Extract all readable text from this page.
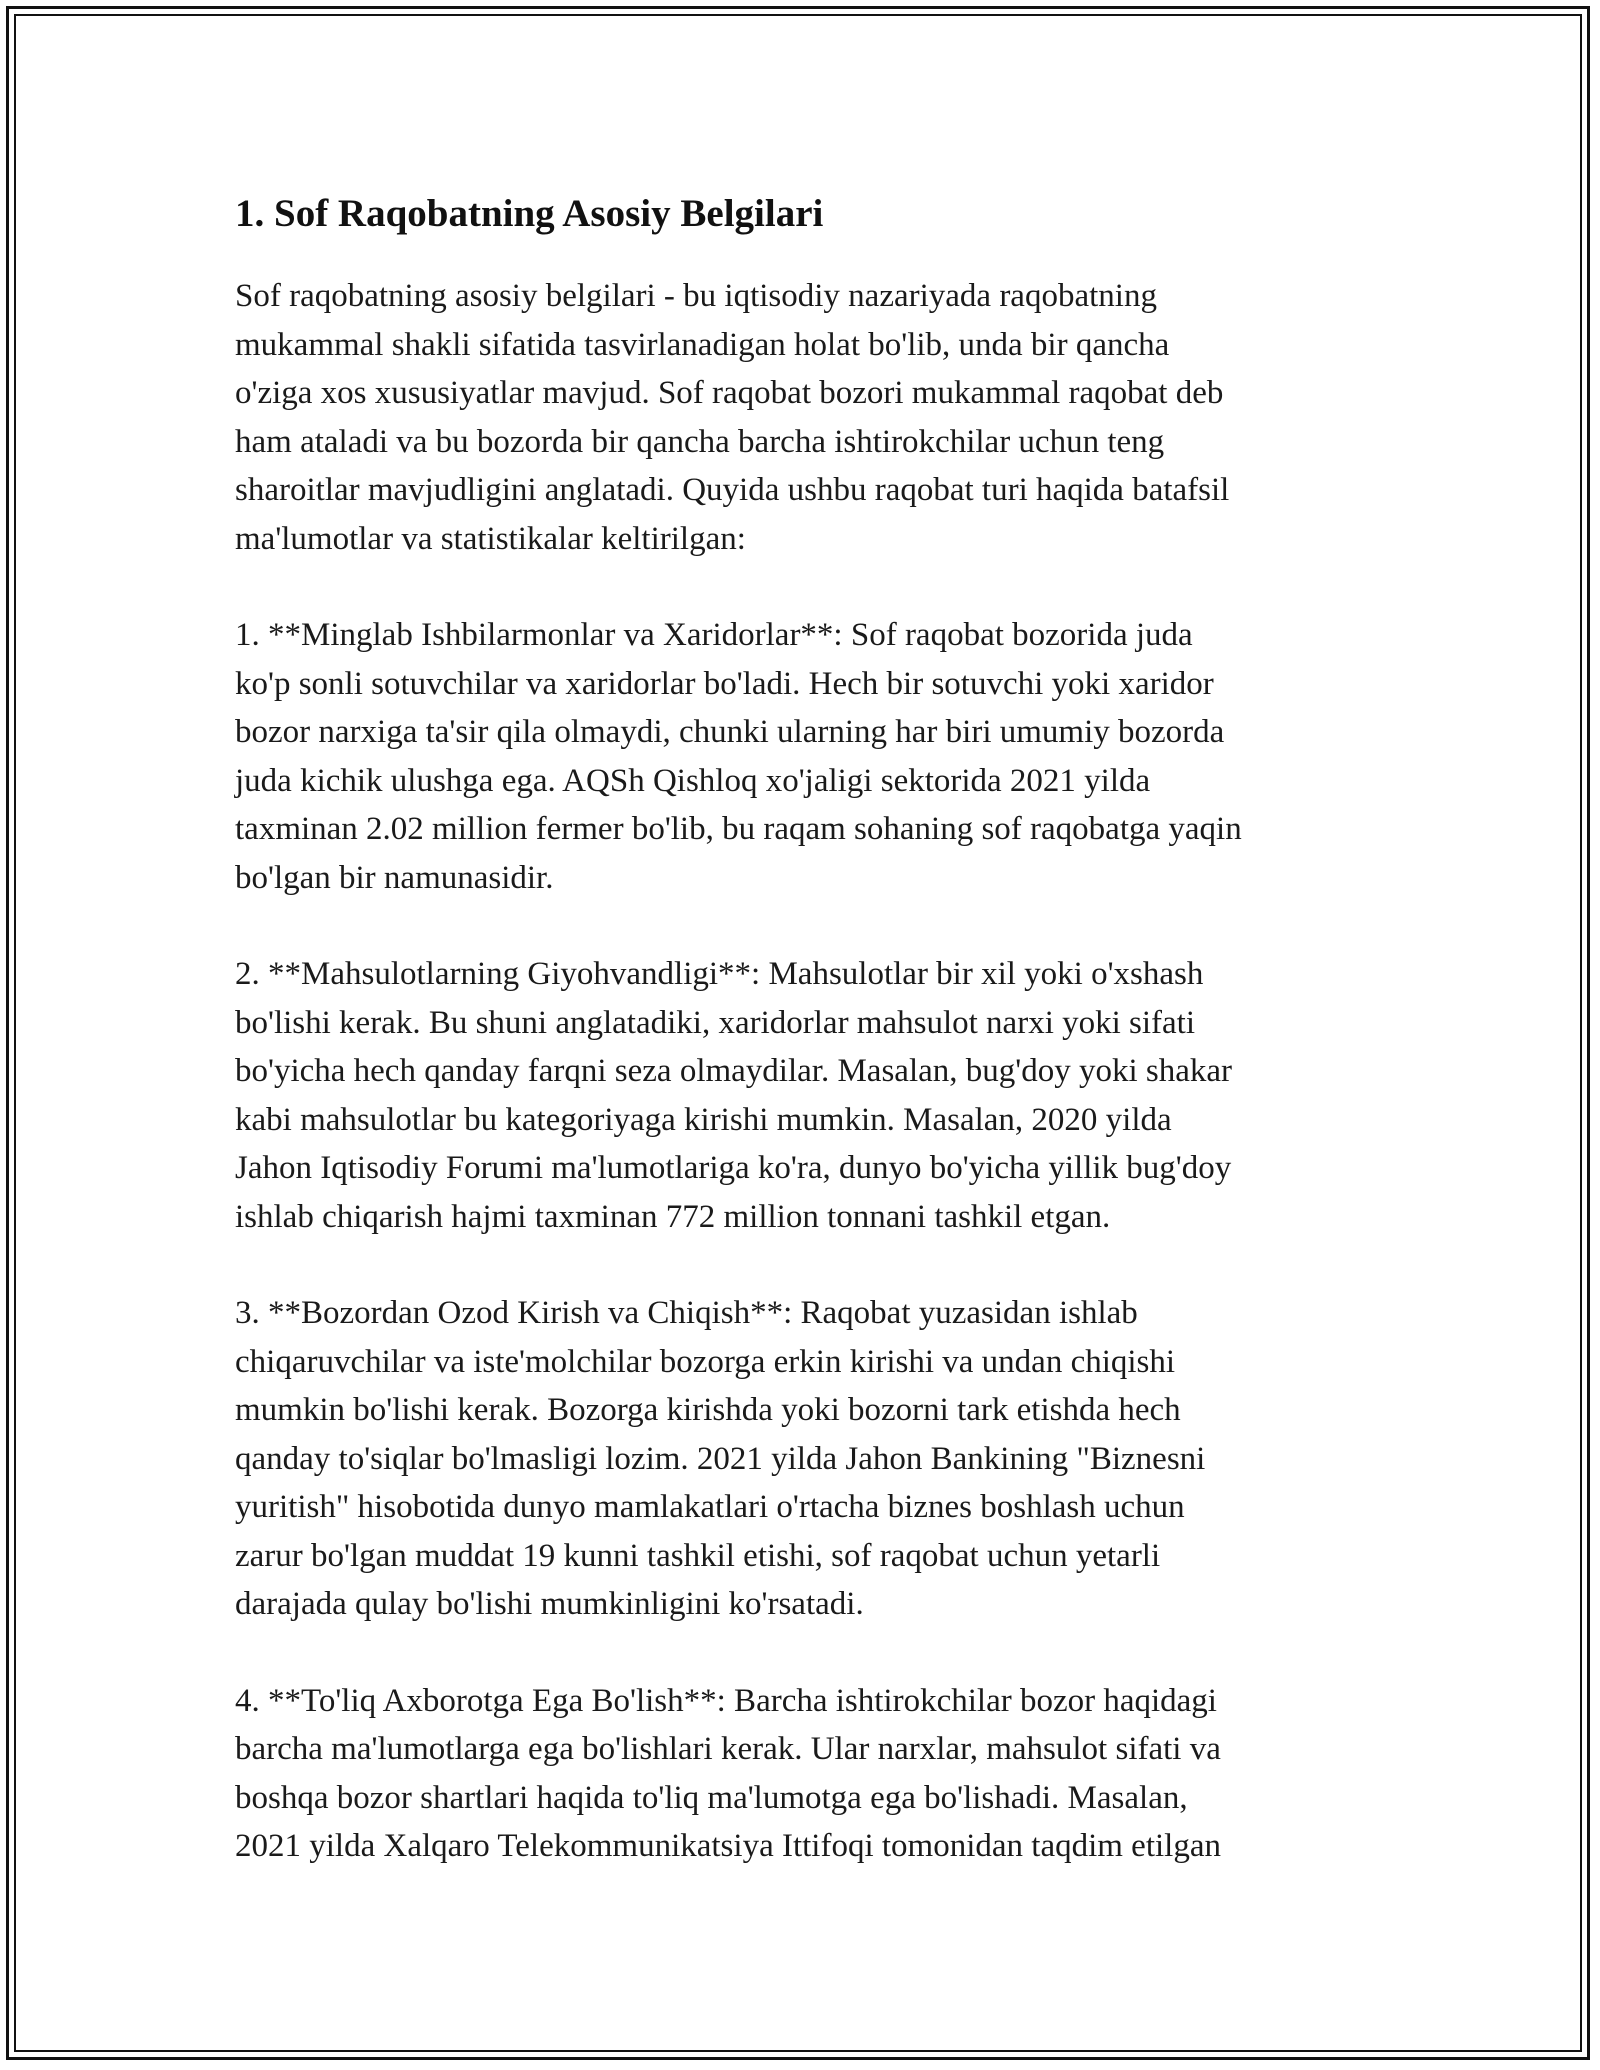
1. Sof Raqobatning Asosiy Belgilari

Sof raqobatning asosiy belgilari - bu iqtisodiy nazariyada raqobatning
mukammal shakli sifatida tasvirlanadigan holat bo'lib, unda bir qancha
o'ziga xos xususiyatlar mavjud. Sof raqobat bozori mukammal raqobat deb
ham ataladi va bu bozorda bir qancha barcha ishtirokchilar uchun teng
sharoitlar mavjudligini anglatadi. Quyida ushbu raqobat turi haqida batafsil
ma'lumotlar va statistikalar keltirilgan:

1. **Minglab Ishbilarmonlar va Xaridorlar**: Sof raqobat bozorida juda
ko'p sonli sotuvchilar va xaridorlar bo'ladi. Hech bir sotuvchi yoki xaridor
bozor narxiga ta'sir qila olmaydi, chunki ularning har biri umumiy bozorda
juda kichik ulushga ega. AQSh Qishloq xo'jaligi sektorida 2021 yilda
taxminan 2.02 million fermer bo'lib, bu raqam sohaning sof raqobatga yaqin
bo'lgan bir namunasidir.

2. **Mahsulotlarning Giyohvandligi**: Mahsulotlar bir xil yoki o'xshash
bo'lishi kerak. Bu shuni anglatadiki, xaridorlar mahsulot narxi yoki sifati
bo'yicha hech qanday farqni seza olmaydilar. Masalan, bug'doy yoki shakar
kabi mahsulotlar bu kategoriyaga kirishi mumkin. Masalan, 2020 yilda
Jahon Iqtisodiy Forumi ma'lumotlariga ko'ra, dunyo bo'yicha yillik bug'doy
ishlab chiqarish hajmi taxminan 772 million tonnani tashkil etgan.

3. **Bozordan Ozod Kirish va Chiqish**: Raqobat yuzasidan ishlab
chiqaruvchilar va iste'molchilar bozorga erkin kirishi va undan chiqishi
mumkin bo'lishi kerak. Bozorga kirishda yoki bozorni tark etishda hech
qanday to'siqlar bo'lmasligi lozim. 2021 yilda Jahon Bankining "Biznesni
yuritish" hisobotida dunyo mamlakatlari o'rtacha biznes boshlash uchun
zarur bo'lgan muddat 19 kunni tashkil etishi, sof raqobat uchun yetarli
darajada qulay bo'lishi mumkinligini ko'rsatadi.

4. **To'liq Axborotga Ega Bo'lish**: Barcha ishtirokchilar bozor haqidagi
barcha ma'lumotlarga ega bo'lishlari kerak. Ular narxlar, mahsulot sifati va
boshqa bozor shartlari haqida to'liq ma'lumotga ega bo'lishadi. Masalan,
2021 yilda Xalqaro Telekommunikatsiya Ittifoqi tomonidan taqdim etilgan
